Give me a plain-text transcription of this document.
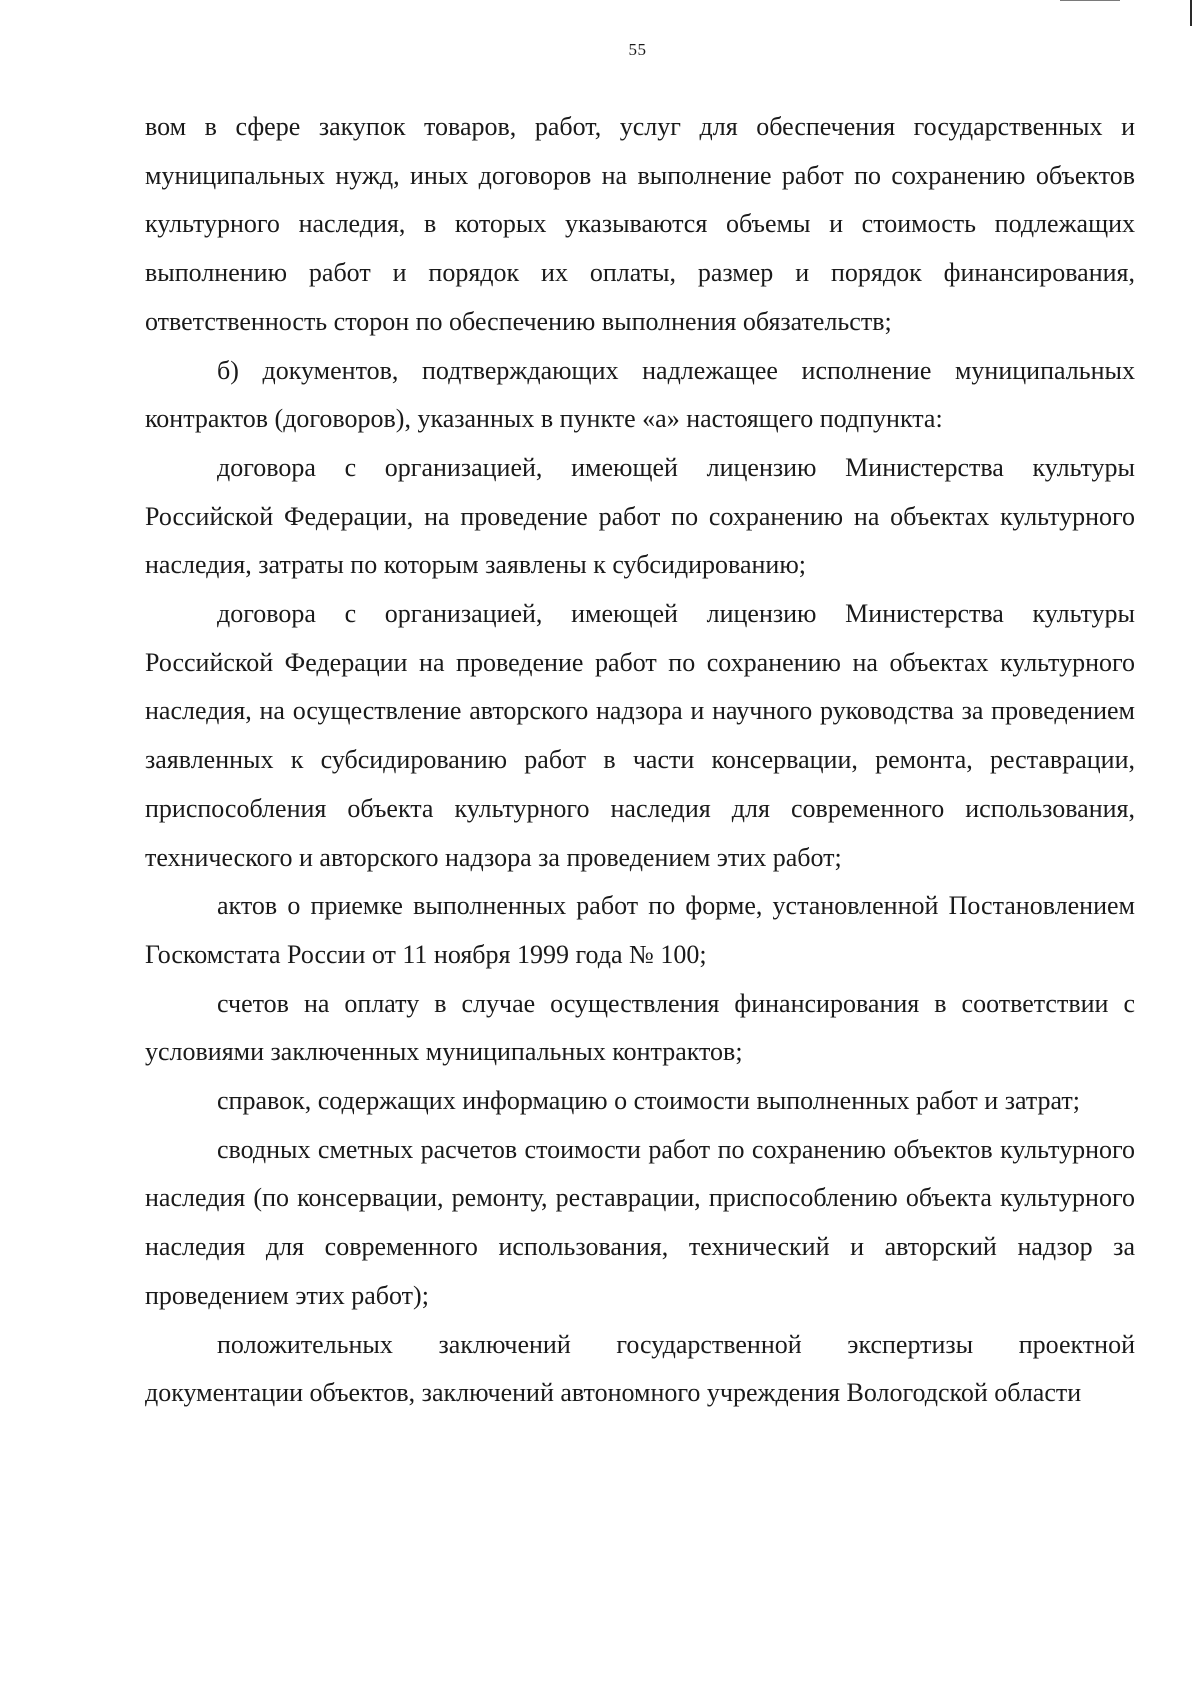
55

вом в сфере закупок товаров, работ, услуг для обеспечения государственных и муниципальных нужд, иных договоров на выполнение работ по сохранению объектов культурного наследия, в которых указываются объемы и стоимость подлежащих выполнению работ и порядок их оплаты, размер и порядок финансирования, ответственность сторон по обеспечению выполнения обязательств;

б) документов, подтверждающих надлежащее исполнение муниципальных контрактов (договоров), указанных в пункте «а» настоящего подпункта:

договора с организацией, имеющей лицензию Министерства культуры Российской Федерации, на проведение работ по сохранению на объектах культурного наследия, затраты по которым заявлены к субсидированию;

договора с организацией, имеющей лицензию Министерства культуры Российской Федерации на проведение работ по сохранению на объектах культурного наследия, на осуществление авторского надзора и научного руководства за проведением заявленных к субсидированию работ в части консервации, ремонта, реставрации, приспособления объекта культурного наследия для современного использования, технического и авторского надзора за проведением этих работ;

актов о приемке выполненных работ по форме, установленной Постановлением Госкомстата России от 11 ноября 1999 года № 100;

счетов на оплату в случае осуществления финансирования в соответствии с условиями заключенных муниципальных контрактов;

справок, содержащих информацию о стоимости выполненных работ и затрат;

сводных сметных расчетов стоимости работ по сохранению объектов культурного наследия (по консервации, ремонту, реставрации, приспособлению объекта культурного наследия для современного использования, технический и авторский надзор за проведением этих работ);

положительных заключений государственной экспертизы проектной документации объектов, заключений автономного учреждения Вологодской области
